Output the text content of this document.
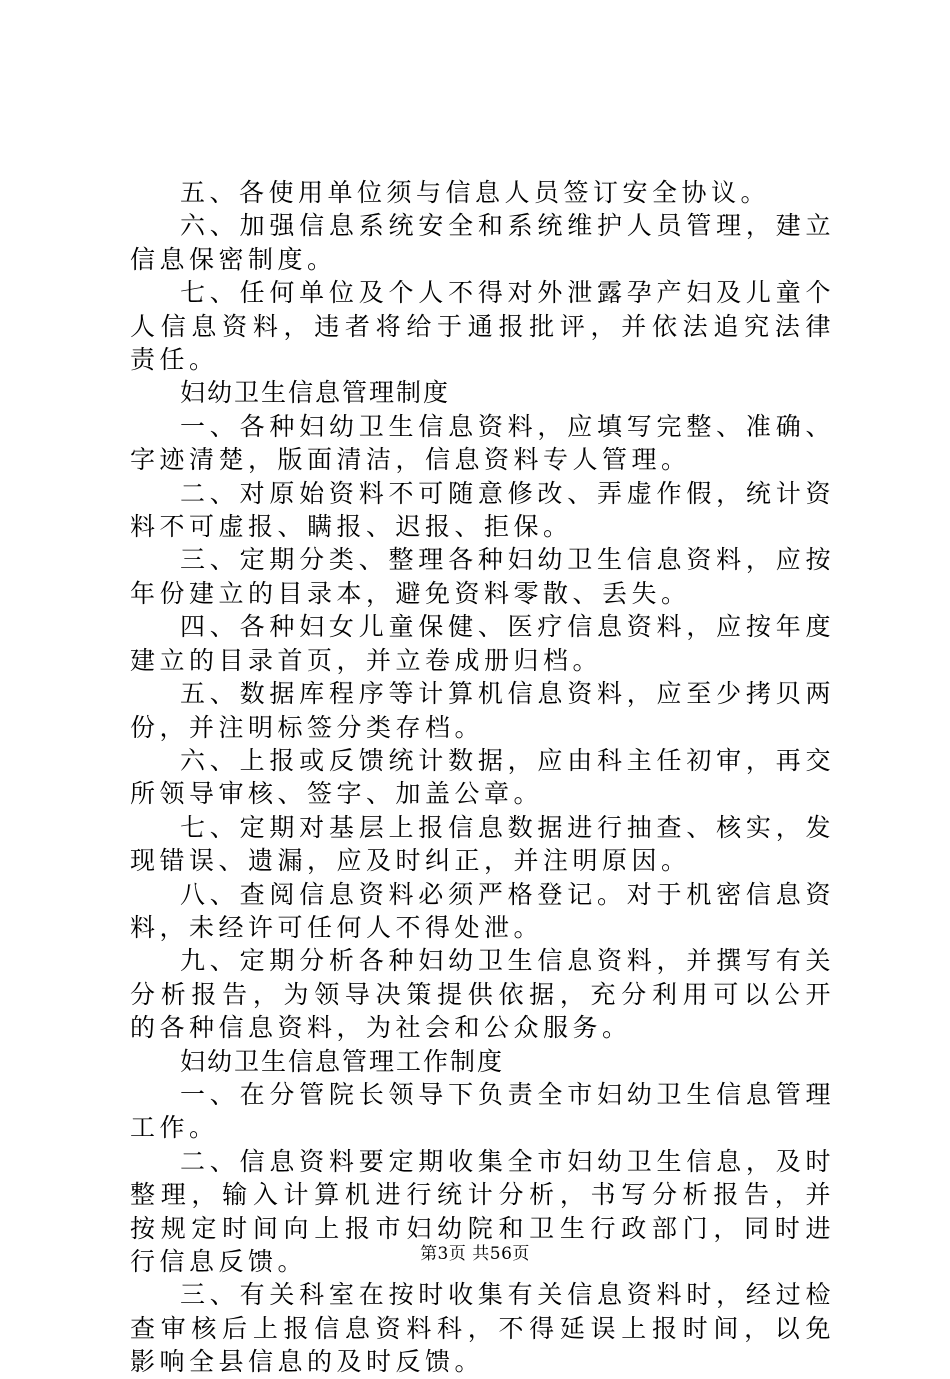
五、各使用单位须与信息人员签订安全协议。

六、加强信息系统安全和系统维护人员管理，建立信息保密制度。

七、任何单位及个人不得对外泄露孕产妇及儿童个人信息资料，违者将给于通报批评，并依法追究法律责任。

妇幼卫生信息管理制度

一、各种妇幼卫生信息资料，应填写完整、准确、字迹清楚，版面清洁，信息资料专人管理。

二、对原始资料不可随意修改、弄虚作假，统计资料不可虚报、瞒报、迟报、拒保。

三、定期分类、整理各种妇幼卫生信息资料，应按年份建立的目录本，避免资料零散、丢失。

四、各种妇女儿童保健、医疗信息资料，应按年度建立的目录首页，并立卷成册归档。

五、数据库程序等计算机信息资料，应至少拷贝两份，并注明标签分类存档。

六、上报或反馈统计数据，应由科主任初审，再交所领导审核、签字、加盖公章。

七、定期对基层上报信息数据进行抽查、核实，发现错误、遗漏，应及时纠正，并注明原因。

八、查阅信息资料必须严格登记。对于机密信息资料，未经许可任何人不得处泄。

九、定期分析各种妇幼卫生信息资料，并撰写有关分析报告，为领导决策提供依据，充分利用可以公开的各种信息资料，为社会和公众服务。

妇幼卫生信息管理工作制度

一、在分管院长领导下负责全市妇幼卫生信息管理工作。

二、信息资料要定期收集全市妇幼卫生信息，及时整理，输入计算机进行统计分析，书写分析报告，并按规定时间向上报市妇幼院和卫生行政部门，同时进行信息反馈。

三、有关科室在按时收集有关信息资料时，经过检查审核后上报信息资料科，不得延误上报时间，以免影响全县信息的及时反馈。

第3页 共56页
